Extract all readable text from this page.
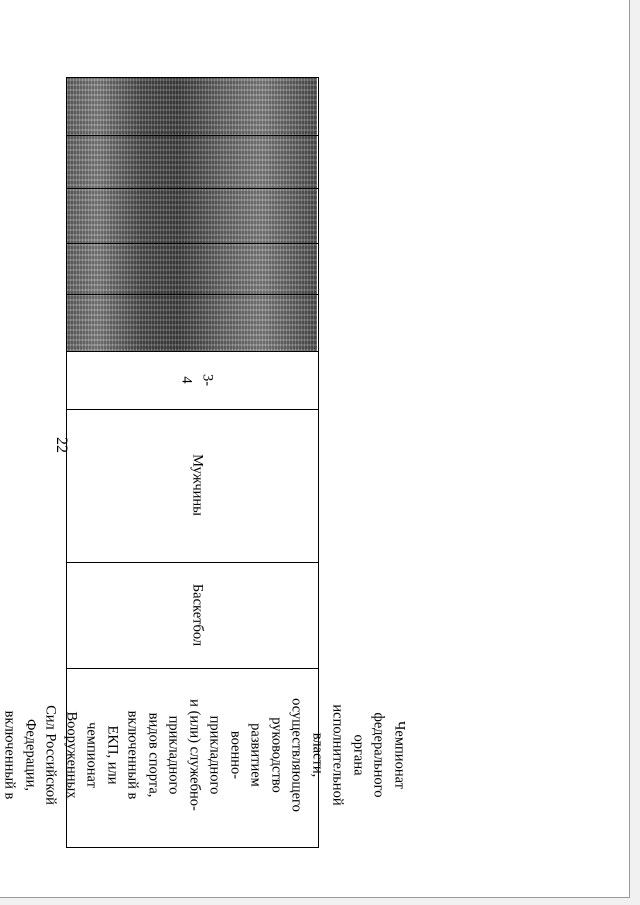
22
3-4
Мужчины
Баскетбол
Чемпионат федерального
органа исполнительной
власти, осуществляющего
руководство развитием
военно-прикладного
и (или) служебно-
прикладного видов спорта,
включенный в ЕКП, или
чемпионат Вооруженных
Сил Российской
Федерации, включенный в
